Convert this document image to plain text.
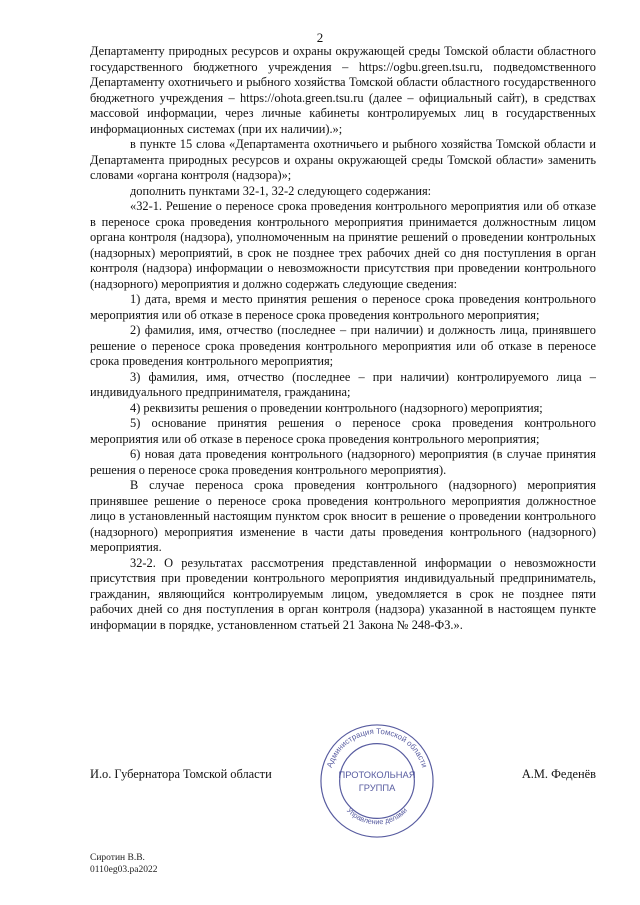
2

Департаменту природных ресурсов и охраны окружающей среды Томской области областного государственного бюджетного учреждения – https://ogbu.green.tsu.ru, подведомственного Департаменту охотничьего и рыбного хозяйства Томской области областного государственного бюджетного учреждения – https://ohota.green.tsu.ru (далее – официальный сайт), в средствах массовой информации, через личные кабинеты контролируемых лиц в государственных информационных системах (при их наличии).»;

в пункте 15 слова «Департамента охотничьего и рыбного хозяйства Томской области и Департамента природных ресурсов и охраны окружающей среды Томской области» заменить словами «органа контроля (надзора)»;

дополнить пунктами 32-1, 32-2 следующего содержания:

«32-1. Решение о переносе срока проведения контрольного мероприятия или об отказе в переносе срока проведения контрольного мероприятия принимается должностным лицом органа контроля (надзора), уполномоченным на принятие решений о проведении контрольных (надзорных) мероприятий, в срок не позднее трех рабочих дней со дня поступления в орган контроля (надзора) информации о невозможности присутствия при проведении контрольного (надзорного) мероприятия и должно содержать следующие сведения:

1) дата, время и место принятия решения о переносе срока проведения контрольного мероприятия или об отказе в переносе срока проведения контрольного мероприятия;

2) фамилия, имя, отчество (последнее – при наличии) и должность лица, принявшего решение о переносе срока проведения контрольного мероприятия или об отказе в переносе срока проведения контрольного мероприятия;

3) фамилия, имя, отчество (последнее – при наличии) контролируемого лица – индивидуального предпринимателя, гражданина;

4) реквизиты решения о проведении контрольного (надзорного) мероприятия;

5) основание принятия решения о переносе срока проведения контрольного мероприятия или об отказе в переносе срока проведения контрольного мероприятия;

6) новая дата проведения контрольного (надзорного) мероприятия (в случае принятия решения о переносе срока проведения контрольного мероприятия).

В случае переноса срока проведения контрольного (надзорного) мероприятия принявшее решение о переносе срока проведения контрольного мероприятия должностное лицо в установленный настоящим пунктом срок вносит в решение о проведении контрольного (надзорного) мероприятия изменение в части даты проведения контрольного (надзорного) мероприятия.

32-2. О результатах рассмотрения представленной информации о невозможности присутствия при проведении контрольного мероприятия индивидуальный предприниматель, гражданин, являющийся контролируемым лицом, уведомляется в срок не позднее пяти рабочих дней со дня поступления в орган контроля (надзора) указанной в настоящем пункте информации в порядке, установленном статьей 21 Закона № 248-ФЗ.».

Администрация Томской области
Управление делами
ПРОТОКОЛЬНАЯ
ГРУППА
И.о. Губернатора Томской области	А.М. Феденёв
Сиротин В.В.
0110eg03.pa2022
